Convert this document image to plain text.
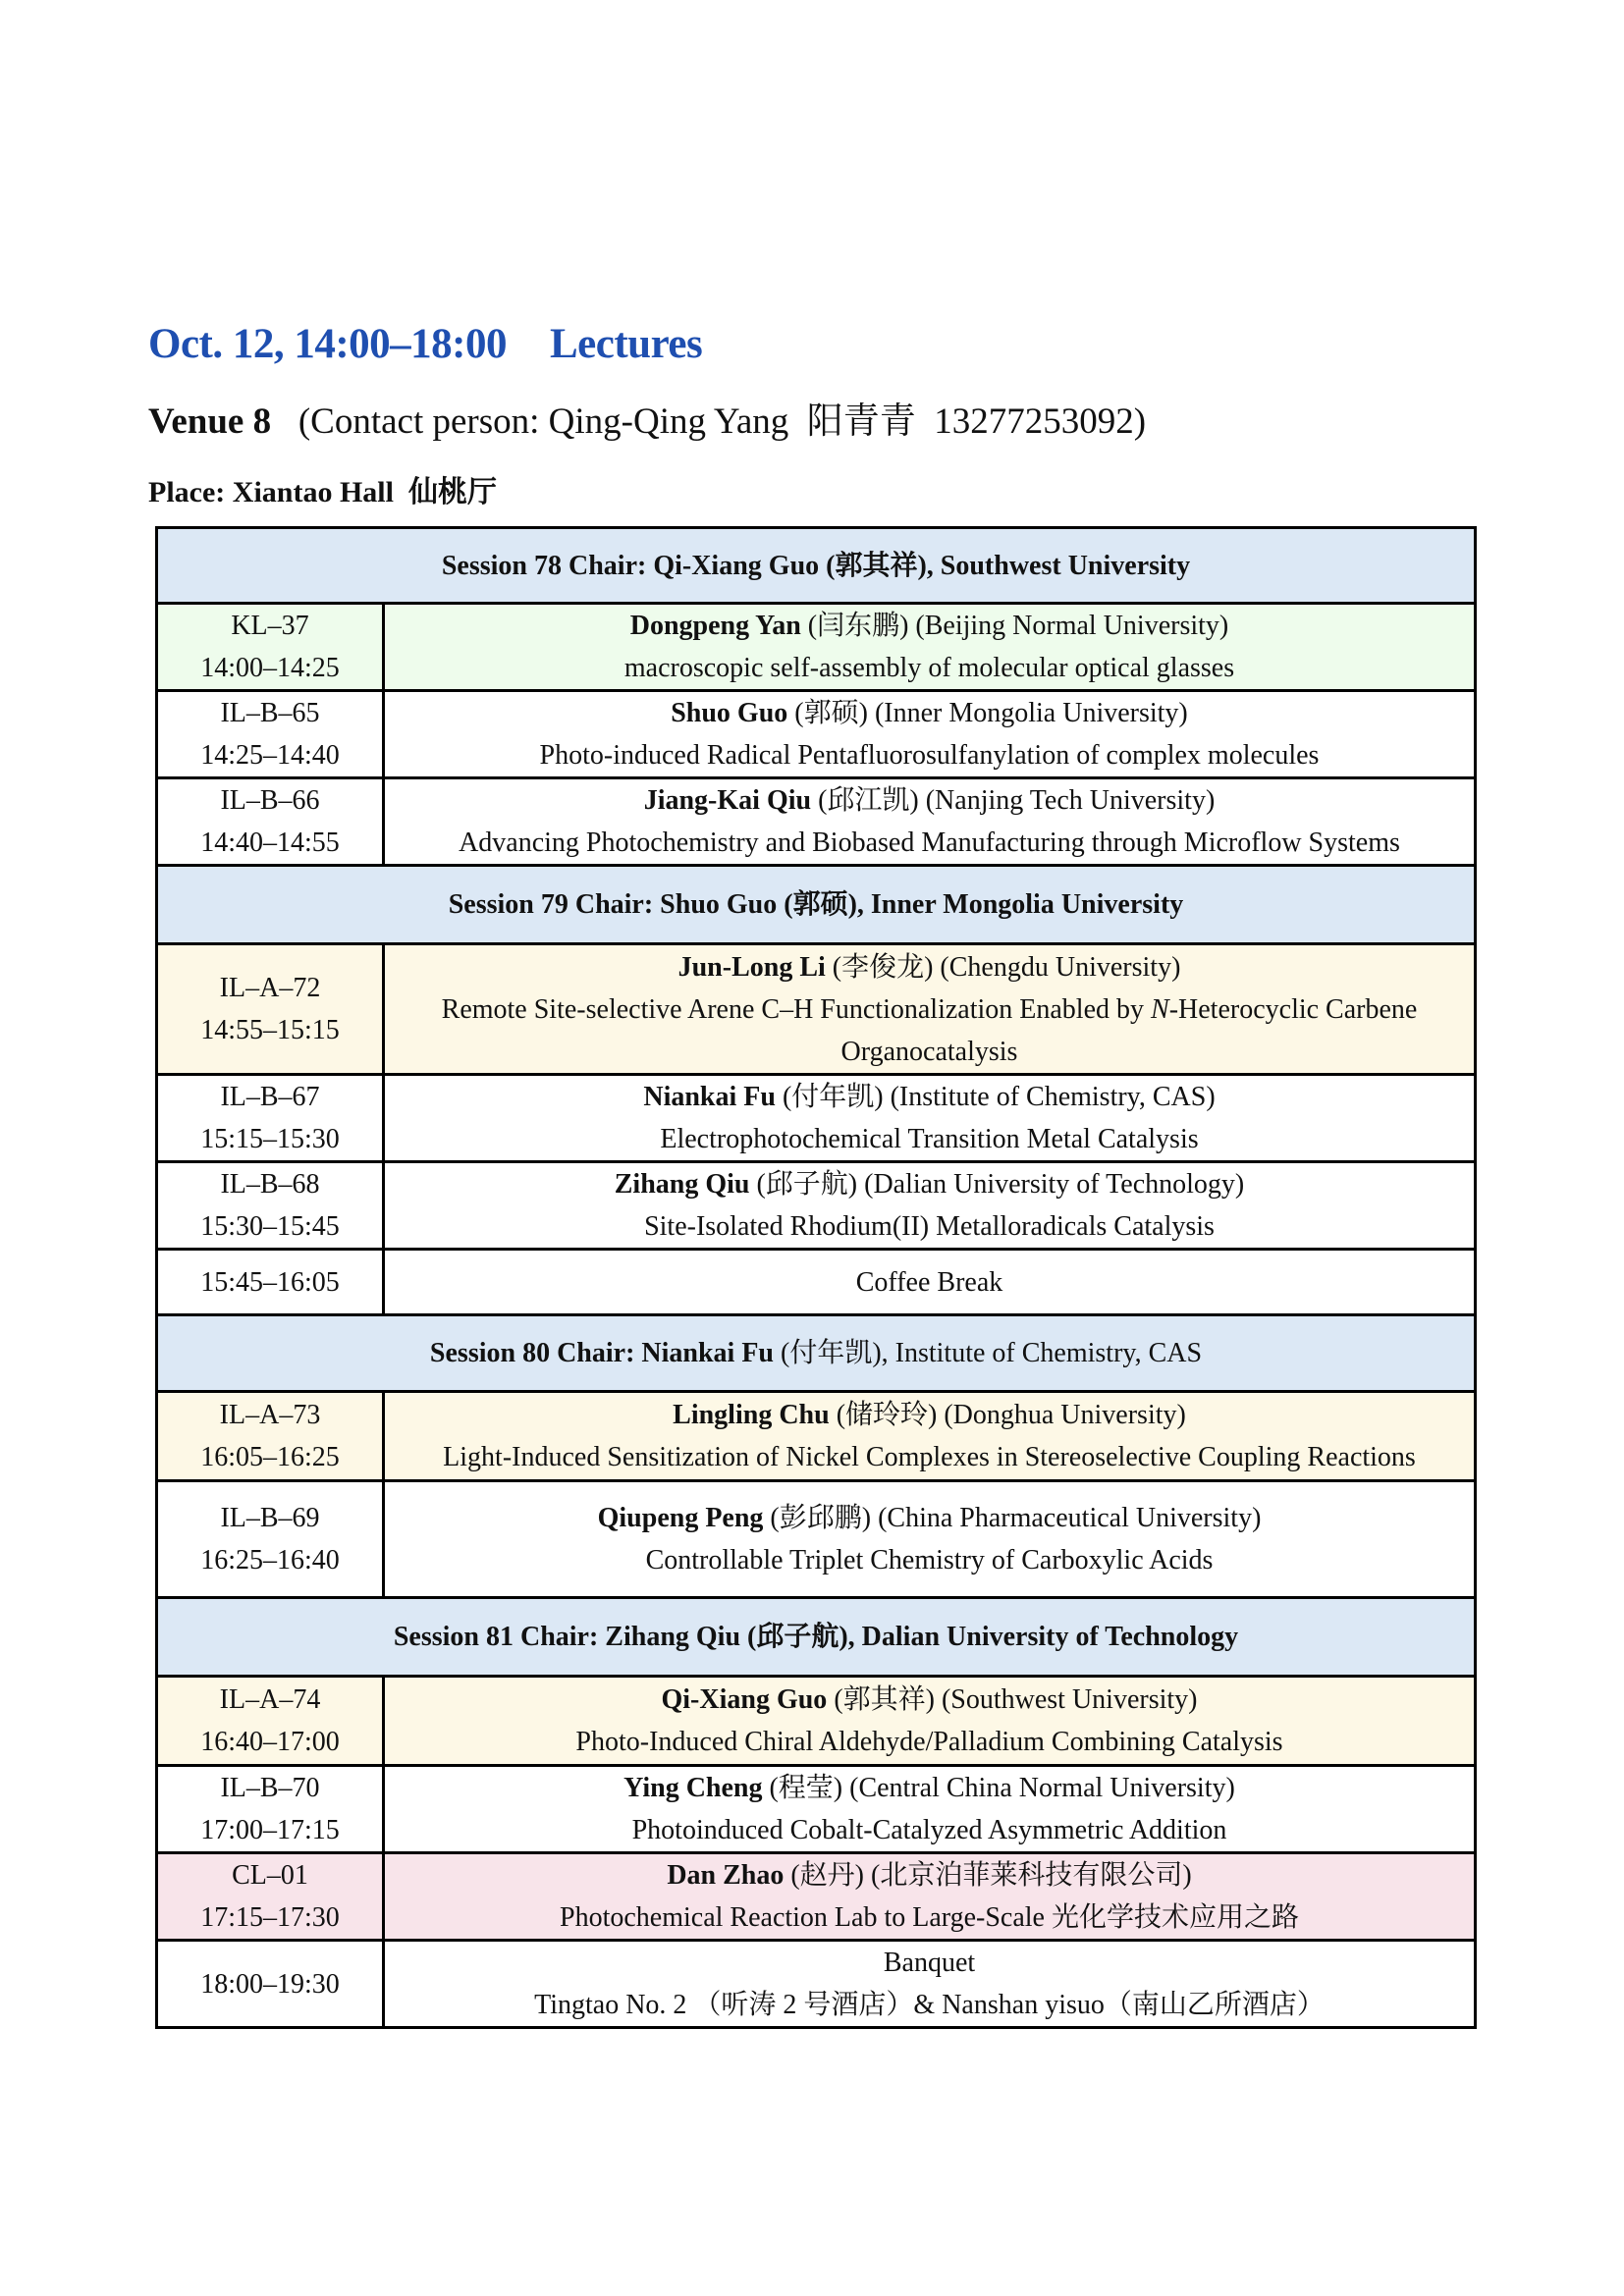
Oct. 12, 14:00–18:00 Lectures
Venue 8 (Contact person: Qing-Qing Yang  阳青青  13277253092)
Place: Xiantao Hall  仙桃厅
Session 78 Chair: Qi-Xiang Guo (郭其祥), Southwest University	

KL–37
14:00–14:25	Dongpeng Yan (闫东鹏) (Beijing Normal University)
macroscopic self-assembly of molecular optical glasses

IL–B–65
14:25–14:40	Shuo Guo (郭硕) (Inner Mongolia University)
Photo-induced Radical Pentafluorosulfanylation of complex molecules

IL–B–66
14:40–14:55	Jiang-Kai Qiu (邱江凯) (Nanjing Tech University)
Advancing Photochemistry and Biobased Manufacturing through Microflow Systems

Session 79 Chair: Shuo Guo (郭硕), Inner Mongolia University	

IL–A–72
14:55–15:15	Jun-Long Li (李俊龙) (Chengdu University)
Remote Site-selective Arene C–H Functionalization Enabled by N-Heterocyclic Carbene Organocatalysis

IL–B–67
15:15–15:30	Niankai Fu (付年凯) (Institute of Chemistry, CAS)
Electrophotochemical Transition Metal Catalysis

IL–B–68
15:30–15:45	Zihang Qiu (邱子航) (Dalian University of Technology)
Site-Isolated Rhodium(II) Metalloradicals Catalysis

15:45–16:05	Coffee Break
Session 80 Chair: Niankai Fu (付年凯), Institute of Chemistry, CAS	

IL–A–73
16:05–16:25	Lingling Chu (储玲玲) (Donghua University)
Light-Induced Sensitization of Nickel Complexes in Stereoselective Coupling Reactions

IL–B–69
16:25–16:40	Qiupeng Peng (彭邱鹏) (China Pharmaceutical University)
Controllable Triplet Chemistry of Carboxylic Acids

Session 81 Chair: Zihang Qiu (邱子航), Dalian University of Technology	

IL–A–74
16:40–17:00	Qi-Xiang Guo (郭其祥) (Southwest University)
Photo-Induced Chiral Aldehyde/Palladium Combining Catalysis

IL–B–70
17:00–17:15	Ying Cheng (程莹) (Central China Normal University)
Photoinduced Cobalt-Catalyzed Asymmetric Addition

CL–01
17:15–17:30	Dan Zhao (赵丹) (北京泊菲莱科技有限公司)
Photochemical Reaction Lab to Large-Scale 光化学技术应用之路

18:00–19:30	Banquet
Tingtao No. 2 （听涛 2 号酒店）& Nanshan yisuo（南山乙所酒店）
